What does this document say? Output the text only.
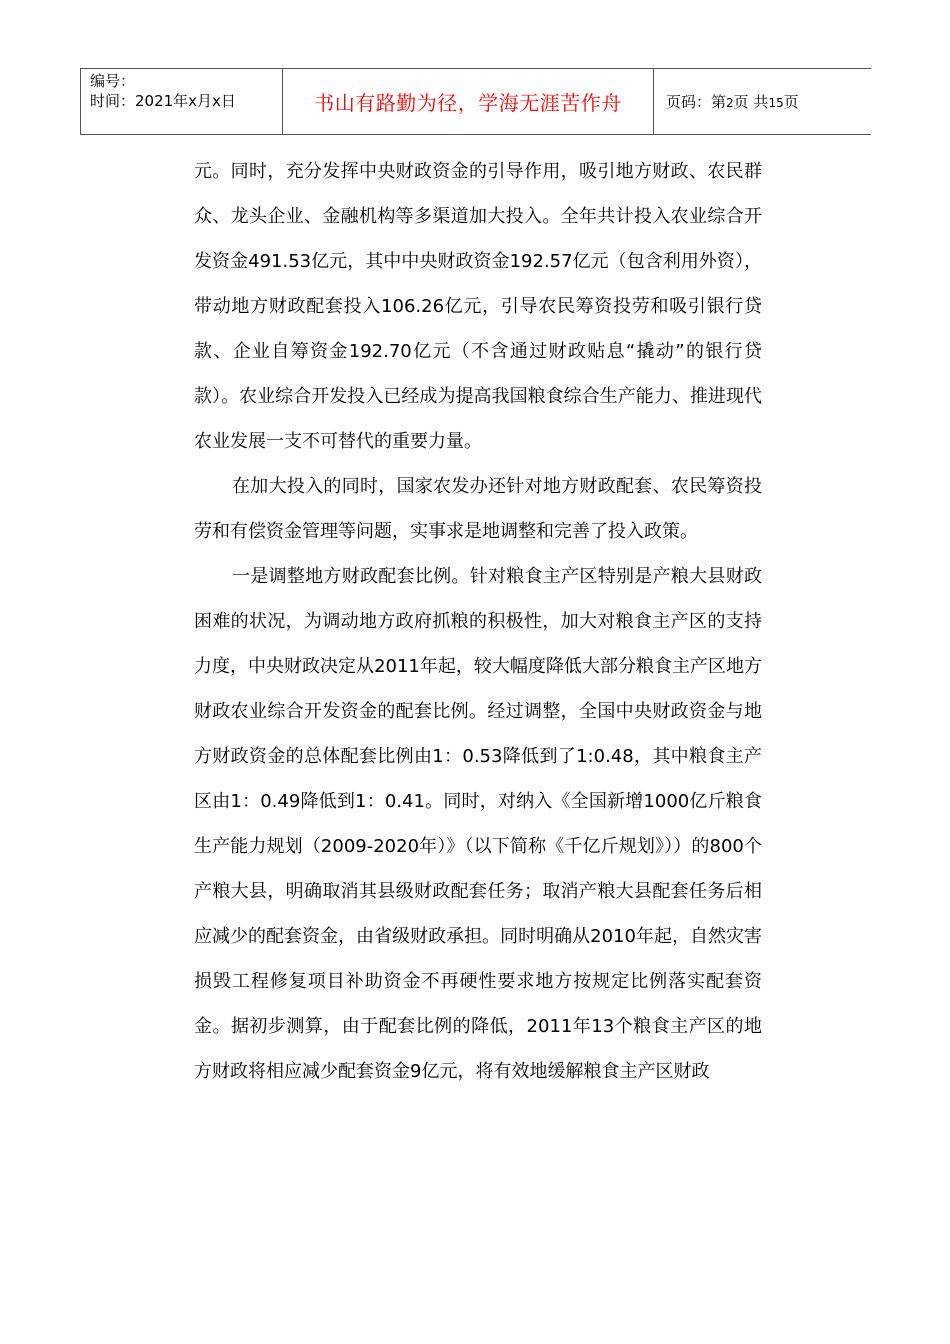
编号：
时间：2021年x月x日	书山有路勤为径，学海无涯苦作舟	页码：第2页 共15页

元。同时，充分发挥中央财政资金的引导作用，吸引地方财政、农民群众、龙头企业、金融机构等多渠道加大投入。全年共计投入农业综合开发资金491.53亿元，其中中央财政资金192.57亿元（包含利用外资），带动地方财政配套投入106.26亿元，引导农民筹资投劳和吸引银行贷款、企业自筹资金192.70亿元（不含通过财政贴息“撬动”的银行贷款）。农业综合开发投入已经成为提高我国粮食综合生产能力、推进现代农业发展一支不可替代的重要力量。

在加大投入的同时，国家农发办还针对地方财政配套、农民筹资投劳和有偿资金管理等问题，实事求是地调整和完善了投入政策。

一是调整地方财政配套比例。针对粮食主产区特别是产粮大县财政困难的状况，为调动地方政府抓粮的积极性，加大对粮食主产区的支持力度，中央财政决定从2011年起，较大幅度降低大部分粮食主产区地方财政农业综合开发资金的配套比例。经过调整，全国中央财政资金与地方财政资金的总体配套比例由1：0.53降低到了1:0.48，其中粮食主产区由1：0.49降低到1：0.41。同时，对纳入《全国新增1000亿斤粮食生产能力规划（2009-2020年）》（以下简称《千亿斤规划》））的800个产粮大县，明确取消其县级财政配套任务；取消产粮大县配套任务后相应减少的配套资金，由省级财政承担。同时明确从2010年起，自然灾害损毁工程修复项目补助资金不再硬性要求地方按规定比例落实配套资金。据初步测算，由于配套比例的降低，2011年13个粮食主产区的地方财政将相应减少配套资金9亿元，将有效地缓解粮食主产区财政
